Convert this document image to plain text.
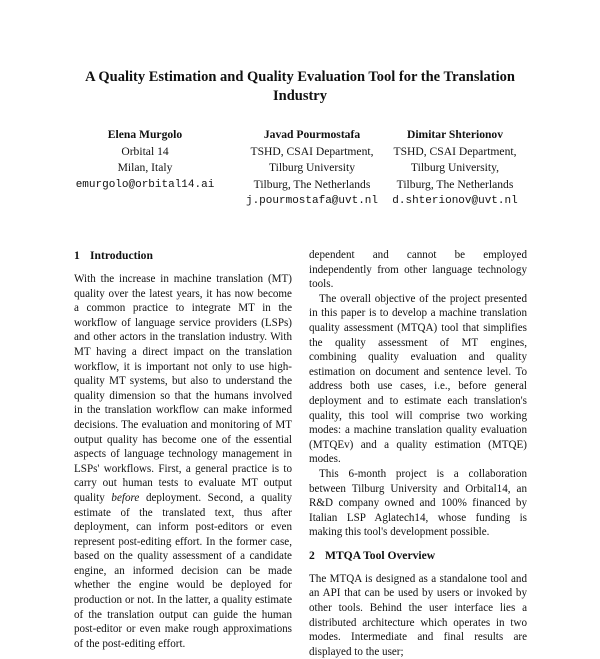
A Quality Estimation and Quality Evaluation Tool for the Translation
Industry
Elena Murgolo
Orbital 14
Milan, Italy
emurgolo@orbital14.ai
Javad Pourmostafa
TSHD, CSAI Department,
Tilburg University
Tilburg, The Netherlands
j.pourmostafa@uvt.nl
Dimitar Shterionov
TSHD, CSAI Department,
Tilburg University,
Tilburg, The Netherlands
d.shterionov@uvt.nl
1 Introduction

With the increase in machine translation (MT) quality over the latest years, it has now become a common practice to integrate MT in the workflow of language service providers (LSPs) and other actors in the translation industry. With MT having a direct impact on the translation workflow, it is important not only to use high-quality MT systems, but also to understand the quality dimension so that the humans involved in the translation workflow can make informed decisions. The evaluation and monitoring of MT output quality has become one of the essential aspects of language technology management in LSPs' workflows. First, a general practice is to carry out human tests to evaluate MT output quality before deployment. Second, a quality estimate of the translated text, thus after deployment, can inform post-editors or even represent post-editing effort. In the former case, based on the quality assessment of a candidate engine, an informed decision can be made whether the engine would be deployed for production or not. In the latter, a quality estimate of the translation output can guide the human post-editor or even make rough approximations of the post-editing effort.

dependent and cannot be employed independently from other language technology tools.

The overall objective of the project presented in this paper is to develop a machine translation quality assessment (MTQA) tool that simplifies the quality assessment of MT engines, combining quality evaluation and quality estimation on document and sentence level. To address both use cases, i.e., before general deployment and to estimate each translation's quality, this tool will comprise two working modes: a machine translation quality evaluation (MTQEv) and a quality estimation (MTQE) modes.

This 6-month project is a collaboration between Tilburg University and Orbital14, an R&D company owned and 100% financed by Italian LSP Aglatech14, whose funding is making this tool's development possible.

2 MTQA Tool Overview

The MTQA is designed as a standalone tool and an API that can be used by users or invoked by other tools. Behind the user interface lies a distributed architecture which operates in two modes. Intermediate and final results are displayed to the user;
